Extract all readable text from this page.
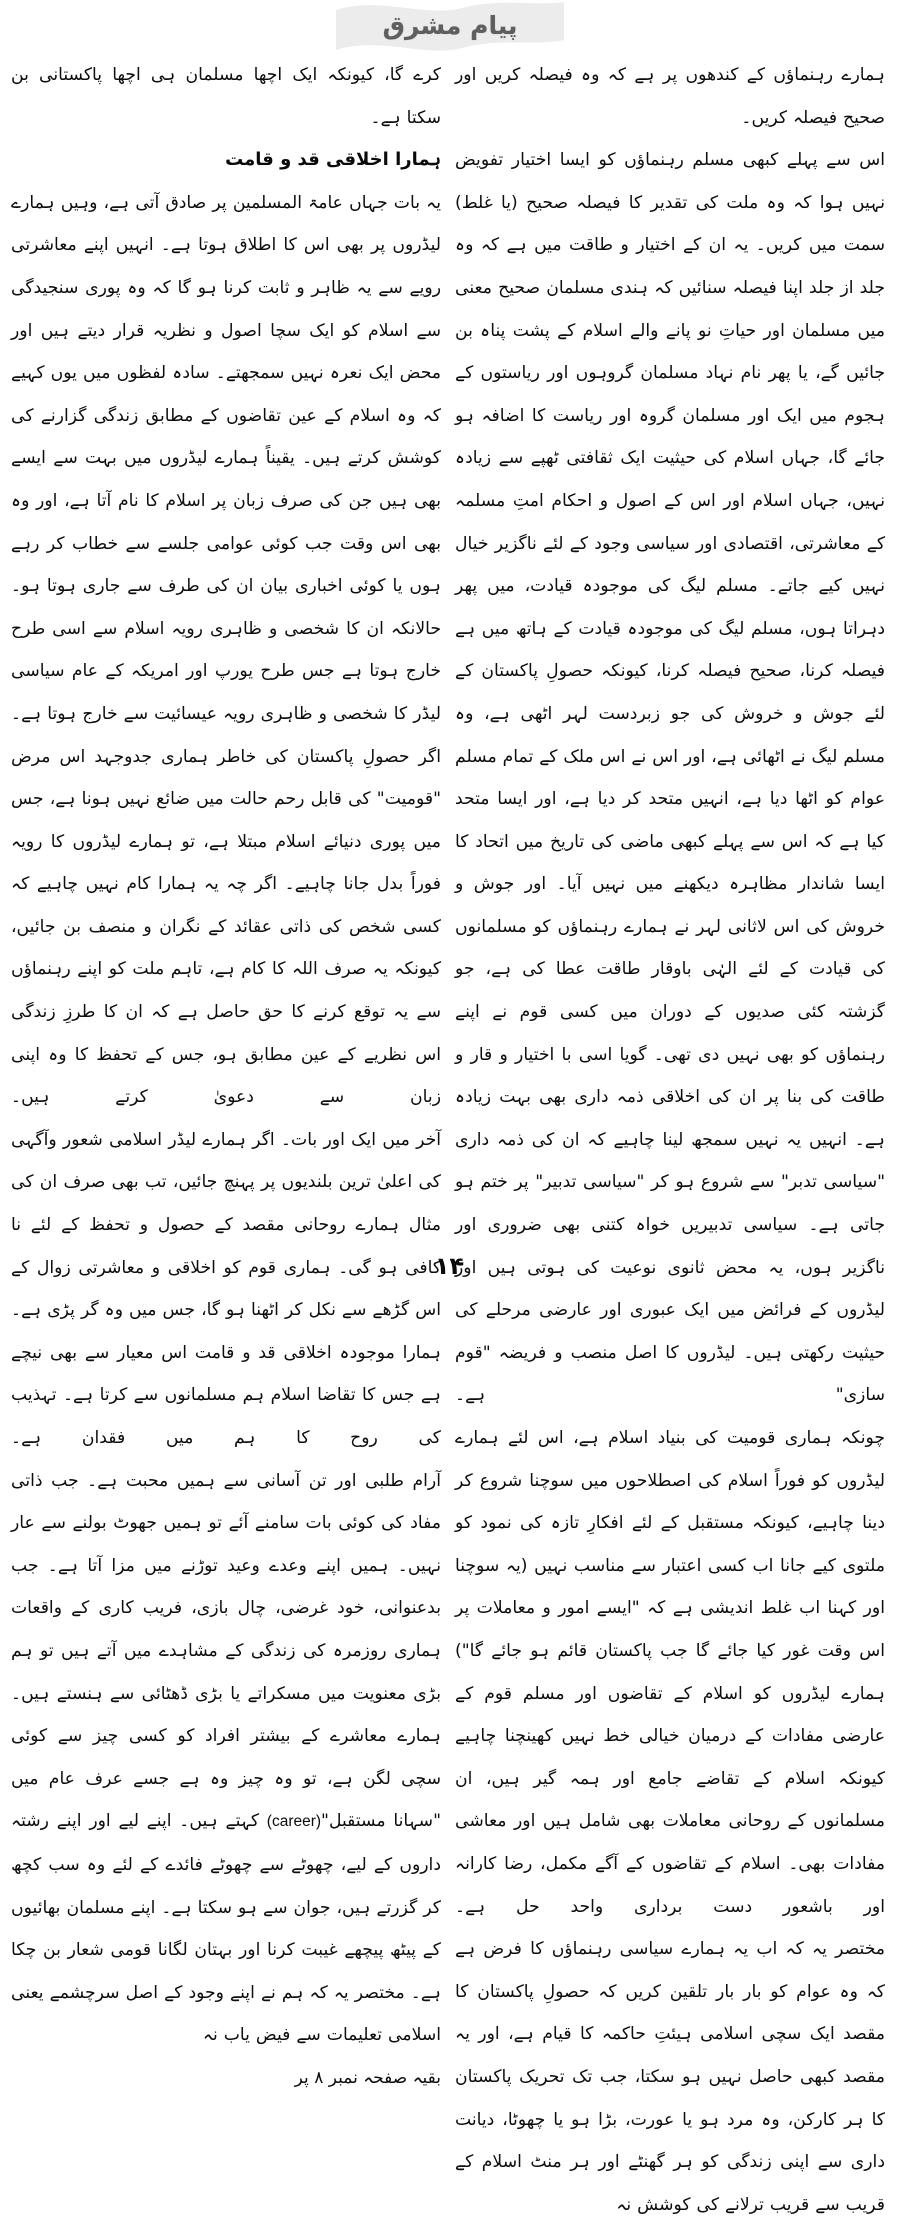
پیام مشرق

ہمارے رہنماؤں کے کندھوں پر ہے کہ وہ فیصلہ کریں اور صحیح فیصلہ کریں۔

اس سے پہلے کبھی مسلم رہنماؤں کو ایسا اختیار تفویض نہیں ہوا کہ وہ ملت کی تقدیر کا فیصلہ صحیح (یا غلط) سمت میں کریں۔ یہ ان کے اختیار و طاقت میں ہے کہ وہ جلد از جلد اپنا فیصلہ سنائیں کہ ہندی مسلمان صحیح معنی میں مسلمان اور حیاتِ نو پانے والے اسلام کے پشت پناہ بن جائیں گے، یا پھر نام نہاد مسلمان گروہوں اور ریاستوں کے ہجوم میں ایک اور مسلمان گروہ اور ریاست کا اضافہ ہو جائے گا، جہاں اسلام کی حیثیت ایک ثقافتی ٹھپے سے زیادہ نہیں، جہاں اسلام اور اس کے اصول و احکام امتِ مسلمہ کے معاشرتی، اقتصادی اور سیاسی وجود کے لئے ناگزیر خیال نہیں کیے جاتے۔ مسلم لیگ کی موجودہ قیادت، میں پھر دہراتا ہوں، مسلم لیگ کی موجودہ قیادت کے ہاتھ میں ہے فیصلہ کرنا، صحیح فیصلہ کرنا، کیونکہ حصولِ پاکستان کے لئے جوش و خروش کی جو زبردست لہر اٹھی ہے، وہ مسلم لیگ نے اٹھائی ہے، اور اس نے اس ملک کے تمام مسلم عوام کو اٹھا دیا ہے، انہیں متحد کر دیا ہے، اور ایسا متحد کیا ہے کہ اس سے پہلے کبھی ماضی کی تاریخ میں اتحاد کا ایسا شاندار مظاہرہ دیکھنے میں نہیں آیا۔ اور جوش و خروش کی اس لاثانی لہر نے ہمارے رہنماؤں کو مسلمانوں کی قیادت کے لئے الہٰی باوقار طاقت عطا کی ہے، جو گزشتہ کئی صدیوں کے دوران میں کسی قوم نے اپنے رہنماؤں کو بھی نہیں دی تھی۔ گویا اسی با اختیار و قار و طاقت کی بنا پر ان کی اخلاقی ذمہ داری بھی بہت زیادہ ہے۔ انہیں یہ نہیں سمجھ لینا چاہیے کہ ان کی ذمہ داری "سیاسی تدبر" سے شروع ہو کر "سیاسی تدبیر" پر ختم ہو جاتی ہے۔ سیاسی تدبیریں خواہ کتنی بھی ضروری اور ناگزیر ہوں، یہ محض ثانوی نوعیت کی ہوتی ہیں اور لیڈروں کے فرائض میں ایک عبوری اور عارضی مرحلے کی حیثیت رکھتی ہیں۔ لیڈروں کا اصل منصب و فریضہ "قوم سازی" ہے۔

چونکہ ہماری قومیت کی بنیاد اسلام ہے، اس لئے ہمارے لیڈروں کو فوراً اسلام کی اصطلاحوں میں سوچنا شروع کر دینا چاہیے، کیونکہ مستقبل کے لئے افکارِ تازہ کی نمود کو ملتوی کیے جانا اب کسی اعتبار سے مناسب نہیں (یہ سوچنا اور کہنا اب غلط اندیشی ہے کہ "ایسے امور و معاملات پر اس وقت غور کیا جائے گا جب پاکستان قائم ہو جائے گا") ہمارے لیڈروں کو اسلام کے تقاضوں اور مسلم قوم کے عارضی مفادات کے درمیان خیالی خط نہیں کھینچنا چاہیے کیونکہ اسلام کے تقاضے جامع اور ہمہ گیر ہیں، ان مسلمانوں کے روحانی معاملات بھی شامل ہیں اور معاشی مفادات بھی۔ اسلام کے تقاضوں کے آگے مکمل، رضا کارانہ اور باشعور دست برداری واحد حل ہے۔

مختصر یہ کہ اب یہ ہمارے سیاسی رہنماؤں کا فرض ہے کہ وہ عوام کو بار بار تلقین کریں کہ حصولِ پاکستان کا مقصد ایک سچی اسلامی ہیئتِ حاکمہ کا قیام ہے، اور یہ مقصد کبھی حاصل نہیں ہو سکتا، جب تک تحریک پاکستان کا ہر کارکن، وہ مرد ہو یا عورت، بڑا ہو یا چھوٹا، دیانت داری سے اپنی زندگی کو ہر گھنٹے اور ہر منٹ اسلام کے قریب سے قریب ترلانے کی کوشش نہ

کرے گا، کیونکہ ایک اچھا مسلمان ہی اچھا پاکستانی بن سکتا ہے۔

ہمارا اخلاقی قد و قامت

یہ بات جہاں عامۃ المسلمین پر صادق آتی ہے، وہیں ہمارے لیڈروں پر بھی اس کا اطلاق ہوتا ہے۔ انہیں اپنے معاشرتی رویے سے یہ ظاہر و ثابت کرنا ہو گا کہ وہ پوری سنجیدگی سے اسلام کو ایک سچا اصول و نظریہ قرار دیتے ہیں اور محض ایک نعرہ نہیں سمجھتے۔ سادہ لفظوں میں یوں کہیے کہ وہ اسلام کے عین تقاضوں کے مطابق زندگی گزارنے کی کوشش کرتے ہیں۔ یقیناً ہمارے لیڈروں میں بہت سے ایسے بھی ہیں جن کی صرف زبان پر اسلام کا نام آتا ہے، اور وہ بھی اس وقت جب کوئی عوامی جلسے سے خطاب کر رہے ہوں یا کوئی اخباری بیان ان کی طرف سے جاری ہوتا ہو۔ حالانکہ ان کا شخصی و ظاہری رویہ اسلام سے اسی طرح خارج ہوتا ہے جس طرح یورپ اور امریکہ کے عام سیاسی لیڈر کا شخصی و ظاہری رویہ عیسائیت سے خارج ہوتا ہے۔ اگر حصولِ پاکستان کی خاطر ہماری جدوجہد اس مرض "قومیت" کی قابل رحم حالت میں ضائع نہیں ہونا ہے، جس میں پوری دنیائے اسلام مبتلا ہے، تو ہمارے لیڈروں کا رویہ فوراً بدل جانا چاہیے۔ اگر چہ یہ ہمارا کام نہیں چاہیے کہ کسی شخص کی ذاتی عقائد کے نگران و منصف بن جائیں، کیونکہ یہ صرف اللہ کا کام ہے، تاہم ملت کو اپنے رہنماؤں سے یہ توقع کرنے کا حق حاصل ہے کہ ان کا طرزِ زندگی اس نظریے کے عین مطابق ہو، جس کے تحفظ کا وہ اپنی زبان سے دعویٰ کرتے ہیں۔

آخر میں ایک اور بات۔ اگر ہمارے لیڈر اسلامی شعور وآگہی کی اعلیٰ ترین بلندیوں پر پہنچ جائیں، تب بھی صرف ان کی مثال ہمارے روحانی مقصد کے حصول و تحفظ کے لئے نا کافی ہو گی۔ ہماری قوم کو اخلاقی و معاشرتی زوال کے اس گڑھے سے نکل کر اٹھنا ہو گا، جس میں وہ گر پڑی ہے۔ ہمارا موجودہ اخلاقی قد و قامت اس معیار سے بھی نیچے ہے جس کا تقاضا اسلام ہم مسلمانوں سے کرتا ہے۔ تہذیب کی روح کا ہم میں فقدان ہے۔

آرام طلبی اور تن آسانی سے ہمیں محبت ہے۔ جب ذاتی مفاد کی کوئی بات سامنے آئے تو ہمیں جھوٹ بولنے سے عار نہیں۔ ہمیں اپنے وعدے وعید توڑنے میں مزا آتا ہے۔ جب بدعنوانی، خود غرضی، چال بازی، فریب کاری کے واقعات ہماری روزمرہ کی زندگی کے مشاہدے میں آتے ہیں تو ہم بڑی معنویت میں مسکراتے یا بڑی ڈھٹائی سے ہنستے ہیں۔

ہمارے معاشرے کے بیشتر افراد کو کسی چیز سے کوئی سچی لگن ہے، تو وہ چیز وہ ہے جسے عرف عام میں "سہانا مستقبل"(career) کہتے ہیں۔ اپنے لیے اور اپنے رشتہ داروں کے لیے، چھوٹے سے چھوٹے فائدے کے لئے وہ سب کچھ کر گزرتے ہیں، جوان سے ہو سکتا ہے۔ اپنے مسلمان بھائیوں کے پیٹھ پیچھے غیبت کرنا اور بہتان لگانا قومی شعار بن چکا ہے۔ مختصر یہ کہ ہم نے اپنے وجود کے اصل سرچشمے یعنی اسلامی تعلیمات سے فیض یاب نہ

بقیہ صفحہ نمبر ۸ پر

۱۴
